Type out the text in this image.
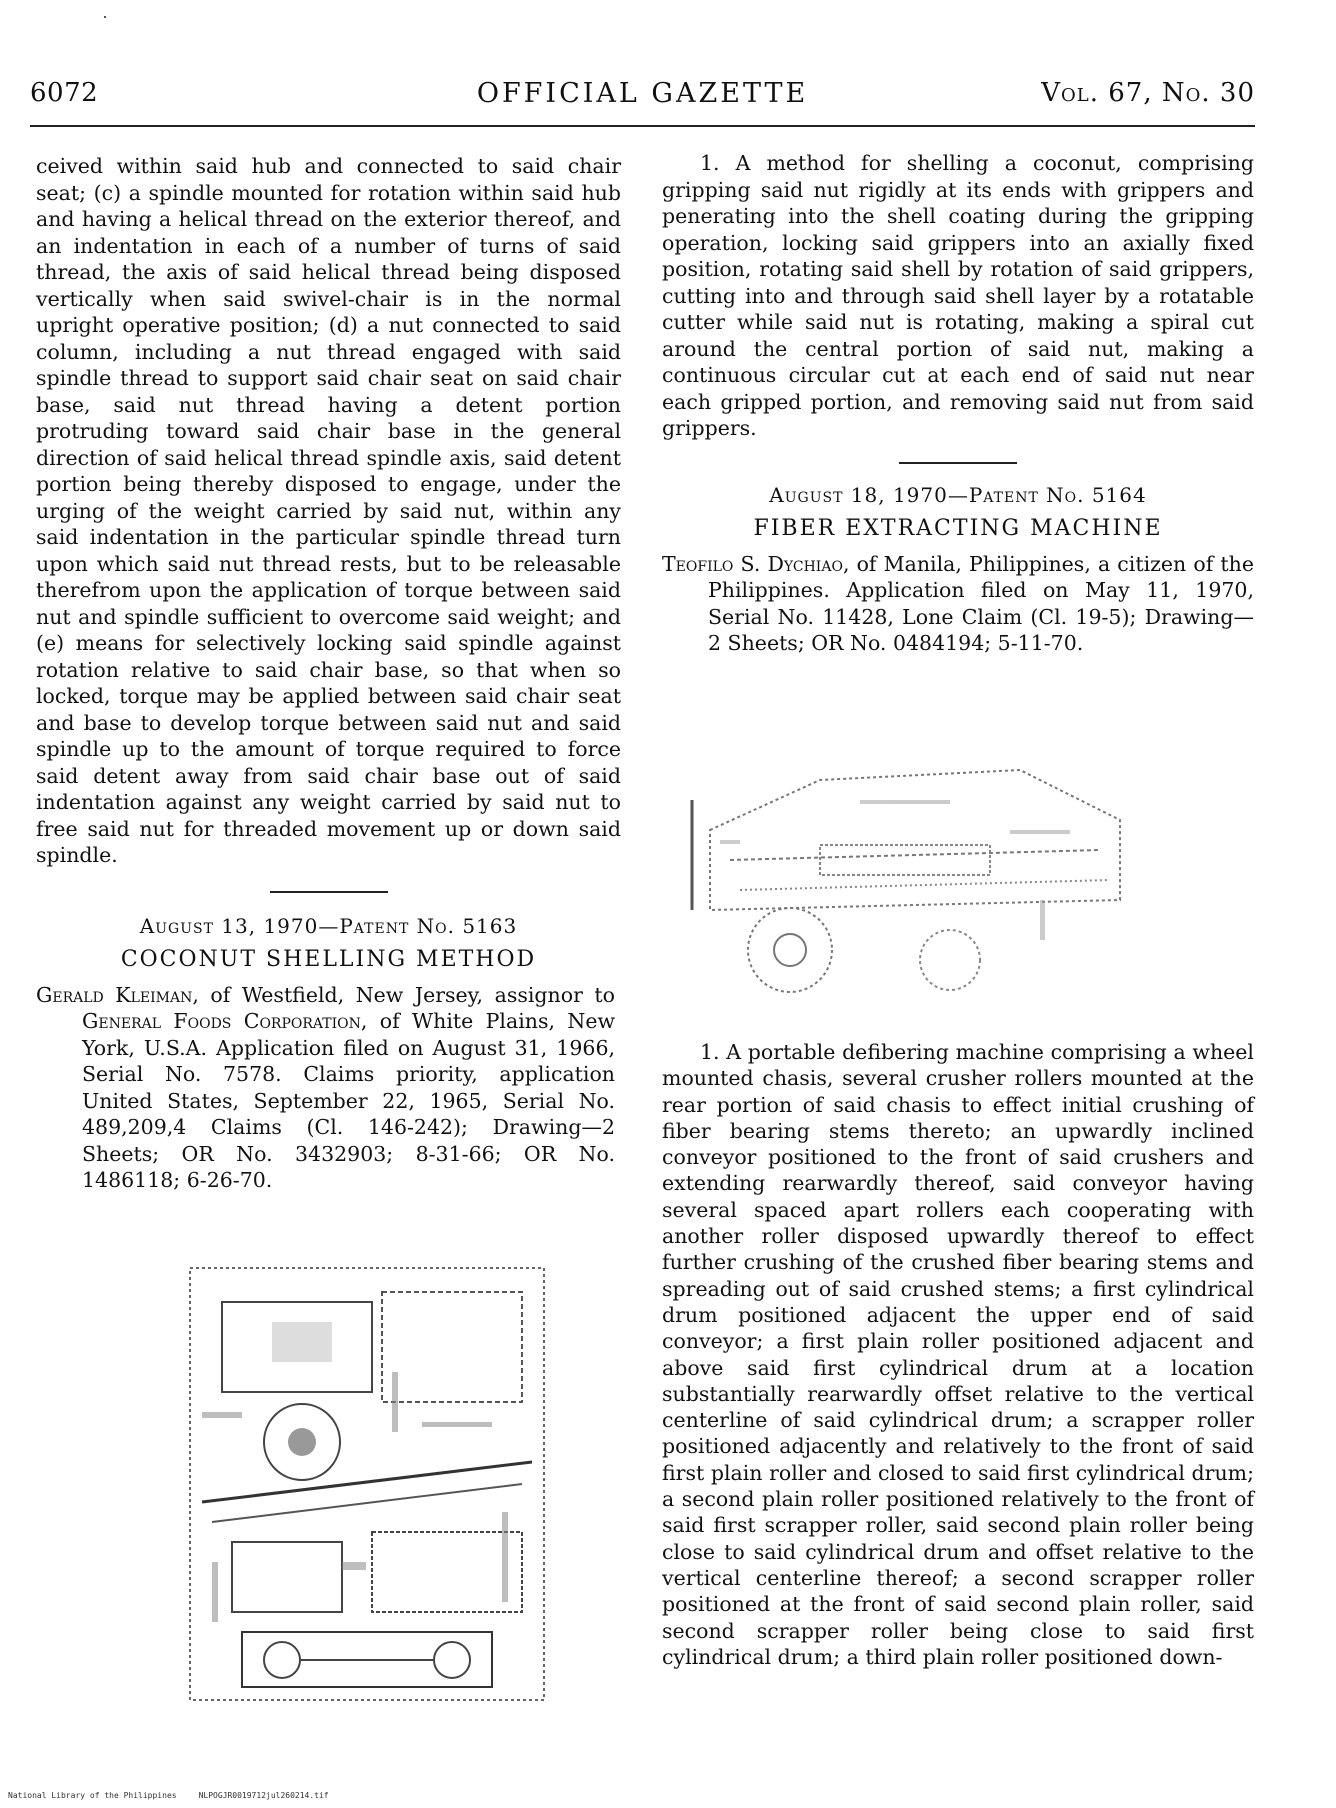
6072	OFFICIAL GAZETTE	Vol. 67, No. 30

ceived within said hub and connected to said chair seat; (c) a spindle mounted for rotation within said hub and having a helical thread on the exterior thereof, and an indentation in each of a number of turns of said thread, the axis of said helical thread being disposed vertically when said swivel-chair is in the normal upright operative position; (d) a nut connected to said column, including a nut thread engaged with said spindle thread to support said chair seat on said chair base, said nut thread having a detent portion protruding toward said chair base in the general direction of said helical thread spindle axis, said detent portion being thereby disposed to engage, under the urging of the weight carried by said nut, within any said indentation in the particular spindle thread turn upon which said nut thread rests, but to be releasable therefrom upon the application of torque between said nut and spindle sufficient to overcome said weight; and (e) means for selectively locking said spindle against rotation relative to said chair base, so that when so locked, torque may be applied between said chair seat and base to develop torque between said nut and said spindle up to the amount of torque required to force said detent away from said chair base out of said indentation against any weight carried by said nut to free said nut for threaded movement up or down said spindle.

August 13, 1970—Patent No. 5163
COCONUT SHELLING METHOD

Gerald Kleiman, of Westfield, New Jersey, assignor to General Foods Corporation, of White Plains, New York, U.S.A. Application filed on August 31, 1966, Serial No. 7578. Claims priority, application United States, September 22, 1965, Serial No. 489,209,4 Claims (Cl. 146-242); Drawing—2 Sheets; OR No. 3432903; 8-31-66; OR No. 1486118; 6-26-70.

1. A method for shelling a coconut, comprising gripping said nut rigidly at its ends with grippers and penerating into the shell coating during the gripping operation, locking said grippers into an axially fixed position, rotating said shell by rotation of said grippers, cutting into and through said shell layer by a rotatable cutter while said nut is rotating, making a spiral cut around the central portion of said nut, making a continuous circular cut at each end of said nut near each gripped portion, and removing said nut from said grippers.

August 18, 1970—Patent No. 5164
FIBER EXTRACTING MACHINE

Teofilo S. Dychiao, of Manila, Philippines, a citizen of the Philippines. Application filed on May 11, 1970, Serial No. 11428, Lone Claim (Cl. 19-5); Drawing—2 Sheets; OR No. 0484194; 5-11-70.

1. A portable defibering machine comprising a wheel mounted chasis, several crusher rollers mounted at the rear portion of said chasis to effect initial crushing of fiber bearing stems thereto; an upwardly inclined conveyor positioned to the front of said crushers and extending rearwardly thereof, said conveyor having several spaced apart rollers each cooperating with another roller disposed upwardly thereof to effect further crushing of the crushed fiber bearing stems and spreading out of said crushed stems; a first cylindrical drum positioned adjacent the upper end of said conveyor; a first plain roller positioned adjacent and above said first cylindrical drum at a location substantially rearwardly offset relative to the vertical centerline of said cylindrical drum; a scrapper roller positioned adjacently and relatively to the front of said first plain roller and closed to said first cylindrical drum; a second plain roller positioned relatively to the front of said first scrapper roller, said second plain roller being close to said cylindrical drum and offset relative to the vertical centerline thereof; a second scrapper roller positioned at the front of said second plain roller, said second scrapper roller being close to said first cylindrical drum; a third plain roller positioned down-

National Library of the Philippines	NLPOGJR0019712jul260214.tif
